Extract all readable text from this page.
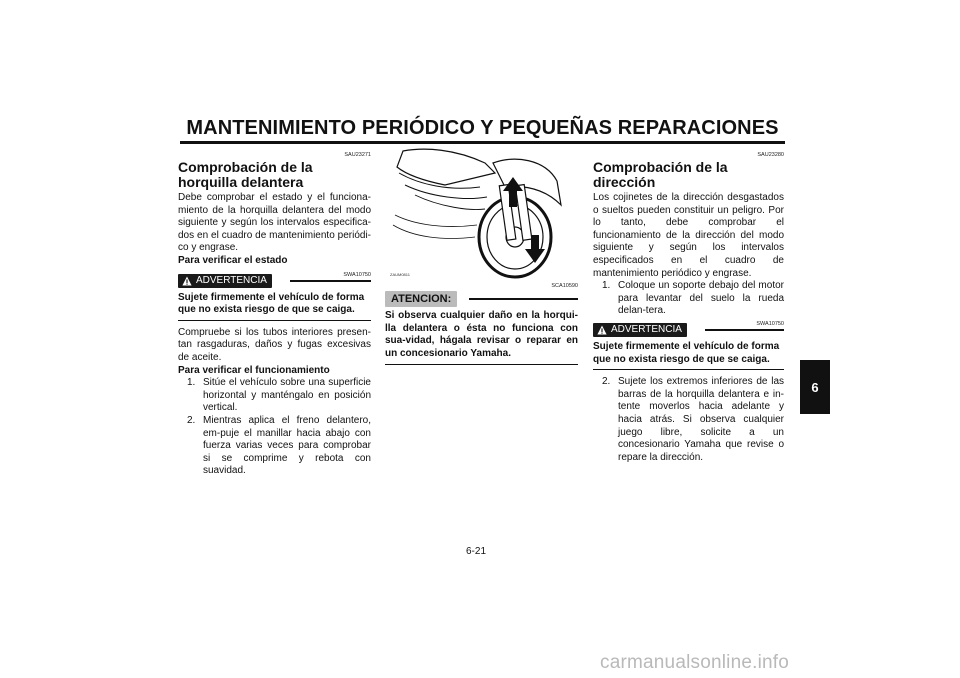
MANTENIMIENTO PERIÓDICO Y PEQUEÑAS REPARACIONES
6
SAU23271
Comprobación de la horquilla delantera
Debe comprobar el estado y el funciona-miento de la horquilla delantera del modo siguiente y según los intervalos especifica-dos en el cuadro de mantenimiento periódi-co y engrase.
Para verificar el estado
SWA10750
ADVERTENCIA
Sujete firmemente el vehículo de forma que no exista riesgo de que se caiga.
Compruebe si los tubos interiores presen-tan rasgaduras, daños y fugas excesivas de aceite.
Para verificar el funcionamiento
1. Sitúe el vehículo sobre una superficie horizontal y manténgalo en posición vertical.
2. Mientras aplica el freno delantero, em-puje el manillar hacia abajo con fuerza varias veces para comprobar si se comprime y rebota con suavidad.
ZAUM0811
SCA10590
ATENCION:
Si observa cualquier daño en la horqui-lla delantera o ésta no funciona con sua-vidad, hágala revisar o reparar en un concesionario Yamaha.
SAU23280
Comprobación de la dirección
Los cojinetes de la dirección desgastados o sueltos pueden constituir un peligro. Por lo tanto, debe comprobar el funcionamiento de la dirección del modo siguiente y según los intervalos especificados en el cuadro de mantenimiento periódico y engrase.
1. Coloque un soporte debajo del motor para levantar del suelo la rueda delan-tera.
SWA10750
ADVERTENCIA
Sujete firmemente el vehículo de forma que no exista riesgo de que se caiga.
2. Sujete los extremos inferiores de las barras de la horquilla delantera e in-tente moverlos hacia adelante y hacia atrás. Si observa cualquier juego libre, solicite a un concesionario Yamaha que revise o repare la dirección.
6-21
carmanualsonline.info
